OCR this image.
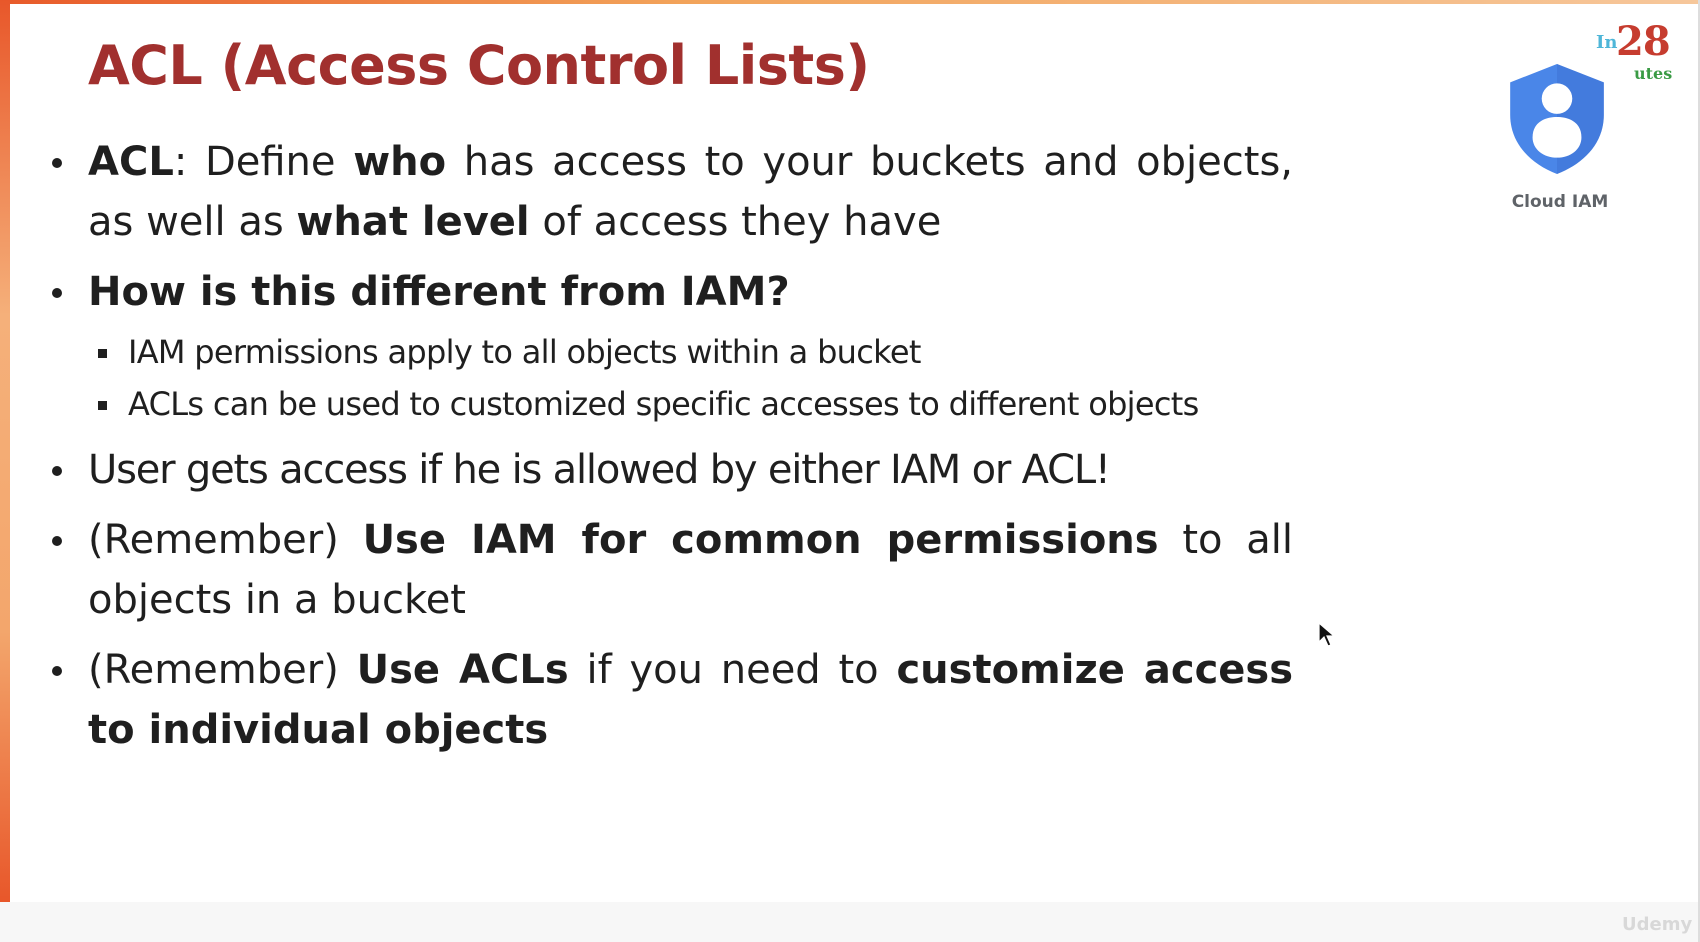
ACL (Access Control Lists)
ACL: Define who has access to your buckets and objects, as well as what level of access they have
How is this different from IAM?
IAM permissions apply to all objects within a bucket
ACLs can be used to customized specific accesses to different objects
User gets access if he is allowed by either IAM or ACL!
(Remember) Use IAM for common permissions to all objects in a bucket
(Remember) Use ACLs if you need to customize access to individual objects
In
28
utes
Cloud IAM
Udemy
